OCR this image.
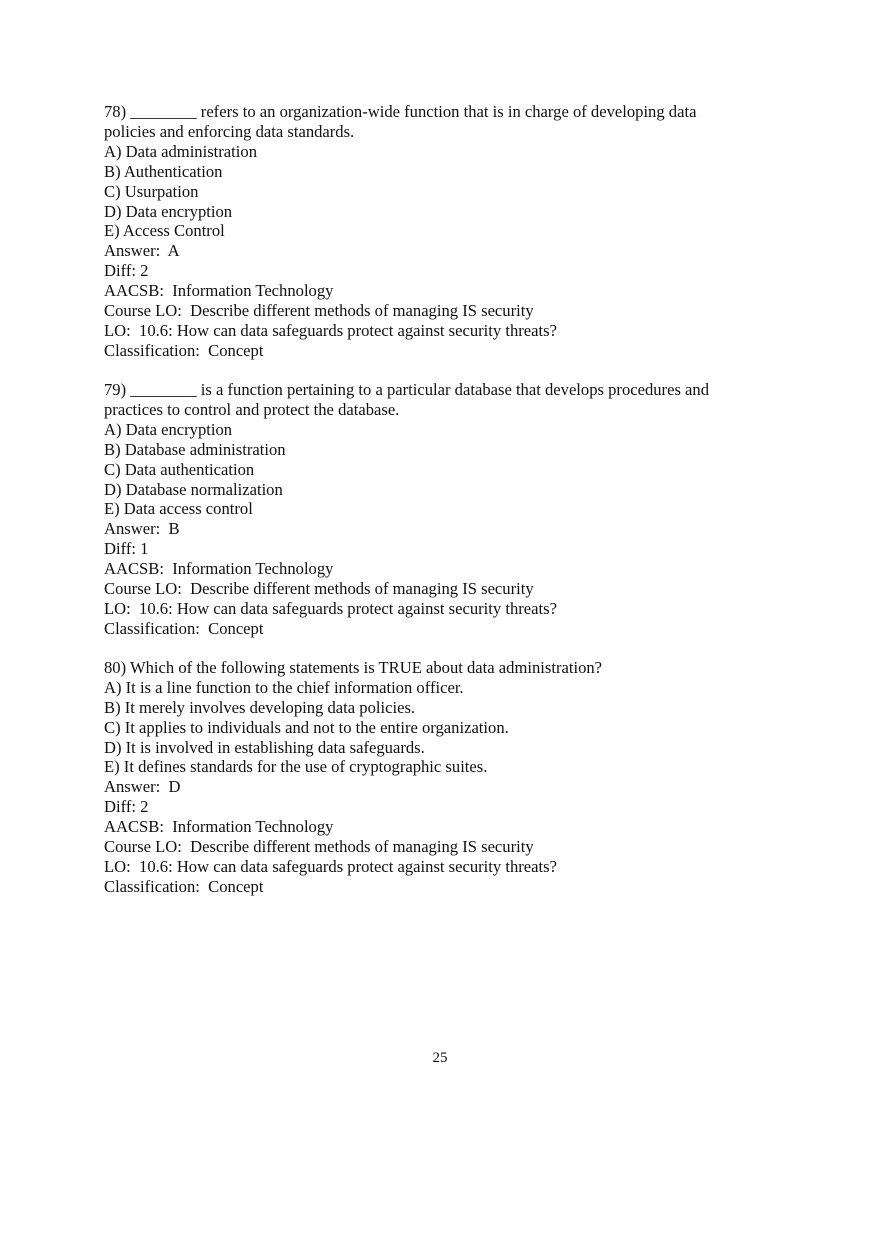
78) ________ refers to an organization-wide function that is in charge of developing data
policies and enforcing data standards.
A) Data administration
B) Authentication
C) Usurpation
D) Data encryption
E) Access Control
Answer:  A
Diff: 2
AACSB:  Information Technology
Course LO:  Describe different methods of managing IS security
LO:  10.6: How can data safeguards protect against security threats?
Classification:  Concept
79) ________ is a function pertaining to a particular database that develops procedures and
practices to control and protect the database.
A) Data encryption
B) Database administration
C) Data authentication
D) Database normalization
E) Data access control
Answer:  B
Diff: 1
AACSB:  Information Technology
Course LO:  Describe different methods of managing IS security
LO:  10.6: How can data safeguards protect against security threats?
Classification:  Concept
80) Which of the following statements is TRUE about data administration?
A) It is a line function to the chief information officer.
B) It merely involves developing data policies.
C) It applies to individuals and not to the entire organization.
D) It is involved in establishing data safeguards.
E) It defines standards for the use of cryptographic suites.
Answer:  D
Diff: 2
AACSB:  Information Technology
Course LO:  Describe different methods of managing IS security
LO:  10.6: How can data safeguards protect against security threats?
Classification:  Concept
25
